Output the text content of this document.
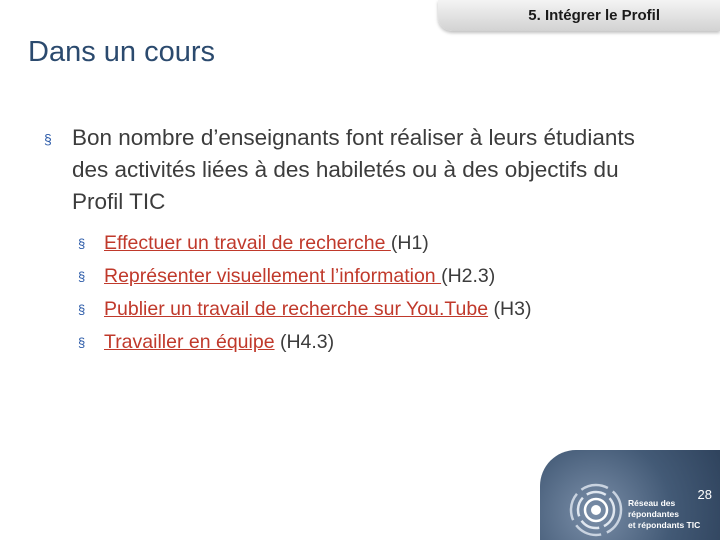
5. Intégrer le Profil
Dans un cours
§ Bon nombre d’enseignants font réaliser à leurs étudiants des activités liées à des habiletés ou à des objectifs du Profil TIC
§ Effectuer un travail de recherche (H1)
§ Représenter visuellement l’information (H2.3)
§ Publier un travail de recherche sur You.Tube (H3)
§ Travailler en équipe (H4.3)
Réseau des répondantes
et répondants TIC
28
